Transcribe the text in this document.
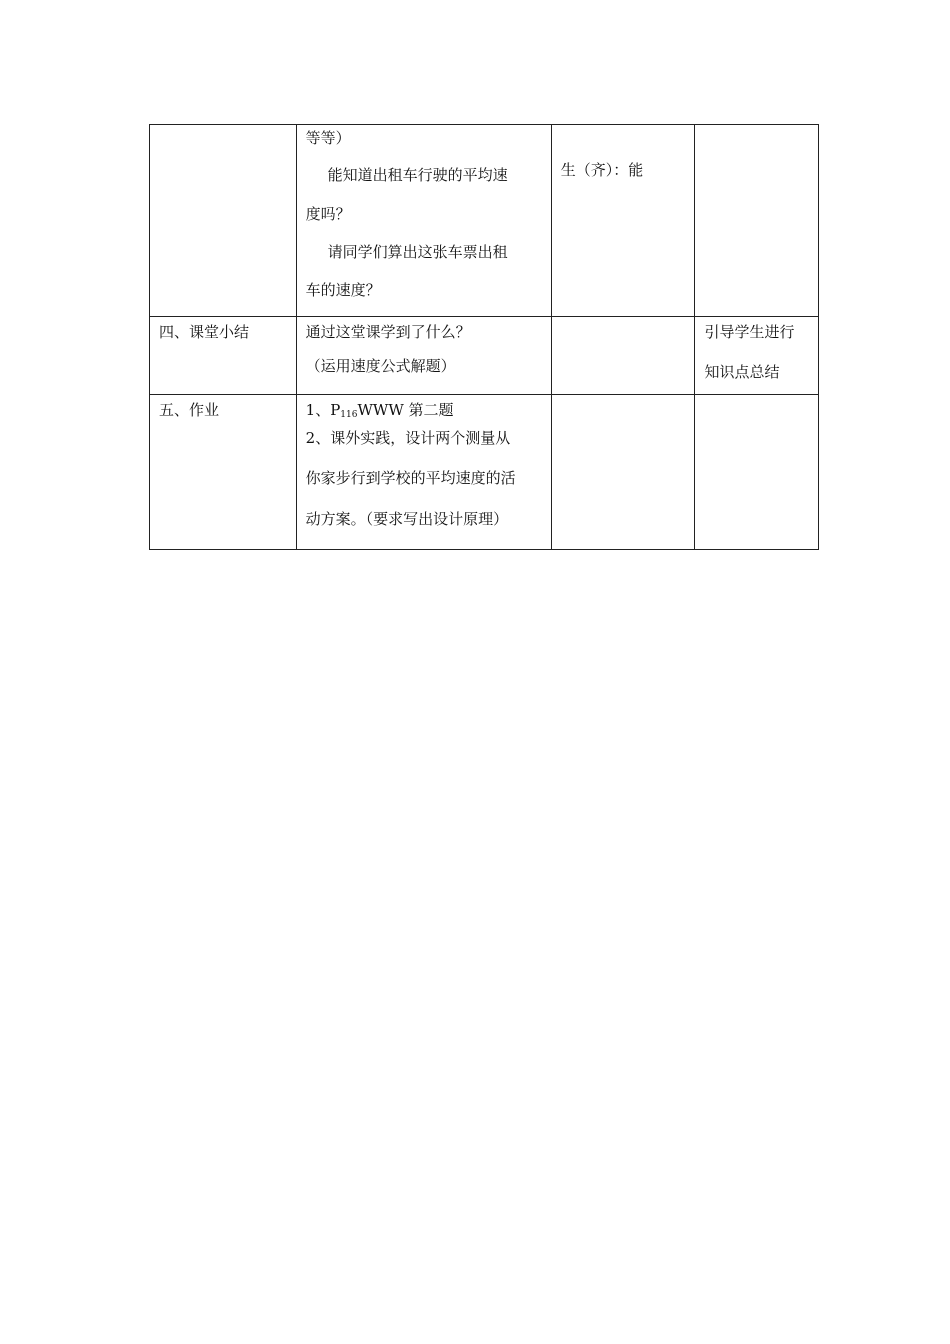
	等等）
能知道出租车行驶的平均速
度吗？
请同学们算出这张车票出租
车的速度？	生（齐）：能	

四、课堂小结	通过这堂课学到了什么？
（运用速度公式解题）		引导学生进行
知识点总结

五、作业	1、$P_{116}WWW$ 第二题
2、课外实践，设计两个测量从
你家步行到学校的平均速度的活
动方案。（要求写出设计原理）		
